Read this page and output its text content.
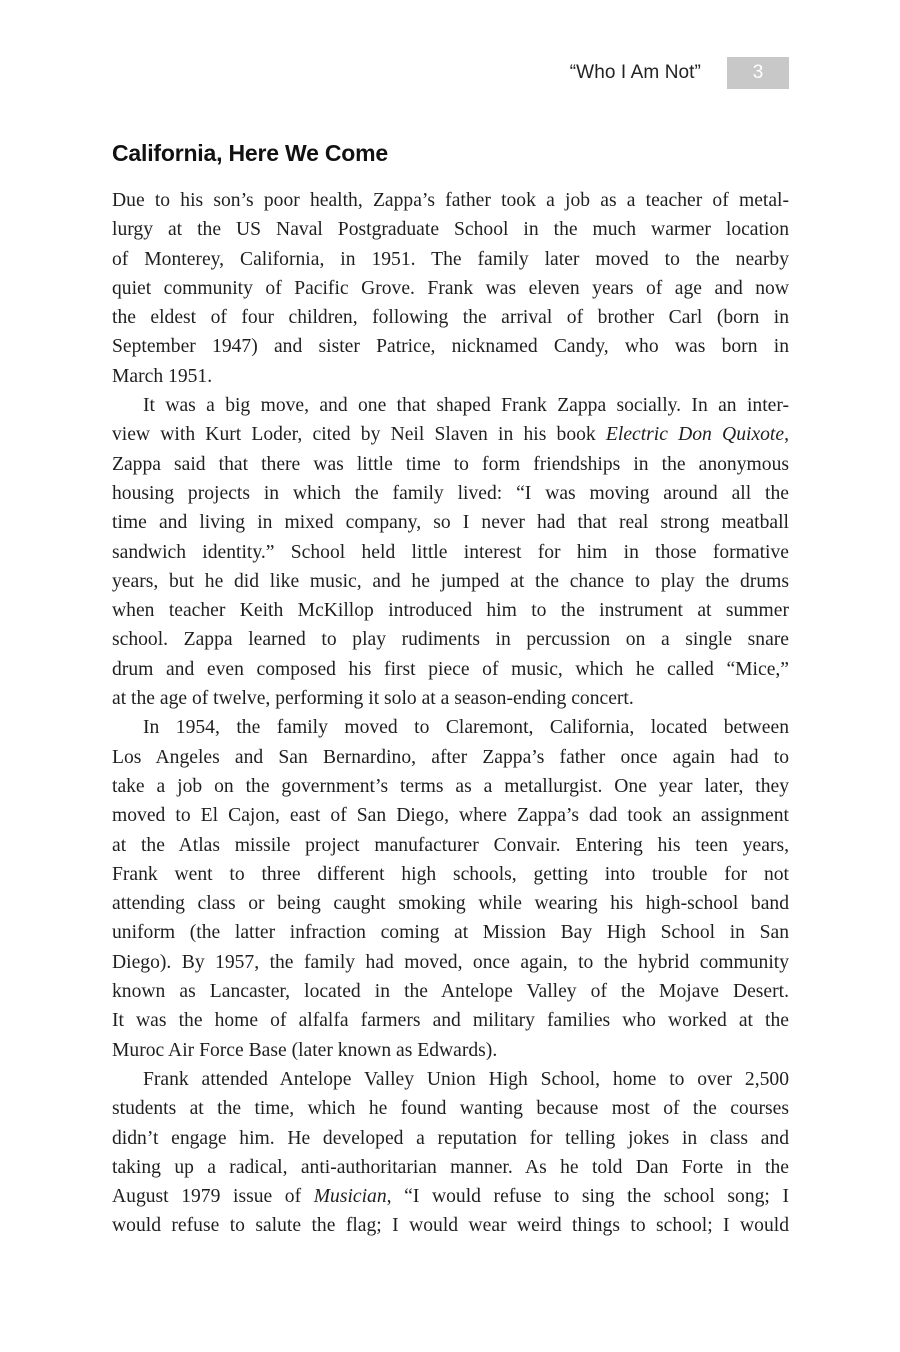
“Who I Am Not”	3
California, Here We Come

Due to his son’s poor health, Zappa’s father took a job as a teacher of metal-
lurgy at the US Naval Postgraduate School in the much warmer location
of Monterey, California, in 1951. The family later moved to the nearby
quiet community of Pacific Grove. Frank was eleven years of age and now
the eldest of four children, following the arrival of brother Carl (born in
September 1947) and sister Patrice, nicknamed Candy, who was born in
March 1951.

It was a big move, and one that shaped Frank Zappa socially. In an inter-
view with Kurt Loder, cited by Neil Slaven in his book Electric Don Quixote,
Zappa said that there was little time to form friendships in the anonymous
housing projects in which the family lived: “I was moving around all the
time and living in mixed company, so I never had that real strong meatball
sandwich identity.” School held little interest for him in those formative
years, but he did like music, and he jumped at the chance to play the drums
when teacher Keith McKillop introduced him to the instrument at summer
school. Zappa learned to play rudiments in percussion on a single snare
drum and even composed his first piece of music, which he called “Mice,”
at the age of twelve, performing it solo at a season-ending concert.

In 1954, the family moved to Claremont, California, located between
Los Angeles and San Bernardino, after Zappa’s father once again had to
take a job on the government’s terms as a metallurgist. One year later, they
moved to El Cajon, east of San Diego, where Zappa’s dad took an assignment
at the Atlas missile project manufacturer Convair. Entering his teen years,
Frank went to three different high schools, getting into trouble for not
attending class or being caught smoking while wearing his high-school band
uniform (the latter infraction coming at Mission Bay High School in San
Diego). By 1957, the family had moved, once again, to the hybrid community
known as Lancaster, located in the Antelope Valley of the Mojave Desert.
It was the home of alfalfa farmers and military families who worked at the
Muroc Air Force Base (later known as Edwards).

Frank attended Antelope Valley Union High School, home to over 2,500
students at the time, which he found wanting because most of the courses
didn’t engage him. He developed a reputation for telling jokes in class and
taking up a radical, anti-authoritarian manner. As he told Dan Forte in the
August 1979 issue of Musician, “I would refuse to sing the school song; I
would refuse to salute the flag; I would wear weird things to school; I would
